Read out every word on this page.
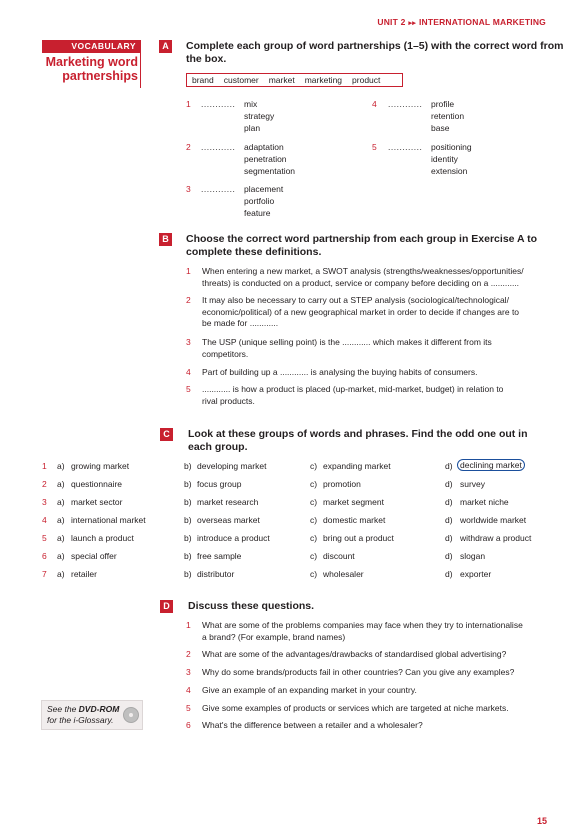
UNIT 2 ▸▸ INTERNATIONAL MARKETING
VOCABULARY
Marketing word
partnerships
A	Complete each group of word partnerships (1–5) with the correct word from
the box.
brand customer market marketing product
1 ............ mix
strategy
plan
2 ............ adaptation
penetration
segmentation
3 ............ placement
portfolio
feature
4 ............ profile
retention
base
5 ............ positioning
identity
extension
B	Choose the correct word partnership from each group in Exercise A to
complete these definitions.
1 When entering a new market, a SWOT analysis (strengths/weaknesses/opportunities/
threats) is conducted on a product, service or company before deciding on a ............
2 It may also be necessary to carry out a STEP analysis (sociological/technological/
economic/political) of a new geographical market in order to decide if changes are to
be made for ............
3 The USP (unique selling point) is the ............ which makes it different from its
competitors.
4 Part of building up a ............ is analysing the buying habits of consumers.
5 ............ is how a product is placed (up-market, mid-market, budget) in relation to
rival products.
C	Look at these groups of words and phrases. Find the odd one out in
each group.
1 a) growing market	b) developing market	c) expanding market	d) declining market
2 a) questionnaire	b) focus group	c) promotion	d) survey
3 a) market sector	b) market research	c) market segment	d) market niche
4 a) international market	b) overseas market	c) domestic market	d) worldwide market
5 a) launch a product	b) introduce a product	c) bring out a product	d) withdraw a product
6 a) special offer	b) free sample	c) discount	d) slogan
7 a) retailer	b) distributor	c) wholesaler	d) exporter
D	Discuss these questions.
1 What are some of the problems companies may face when they try to internationalise
a brand? (For example, brand names)
2 What are some of the advantages/drawbacks of standardised global advertising?
3 Why do some brands/products fail in other countries? Can you give any examples?
4 Give an example of an expanding market in your country.
5 Give some examples of products or services which are targeted at niche markets.
6 What's the difference between a retailer and a wholesaler?
See the DVD-ROM
for the i-Glossary.
15
